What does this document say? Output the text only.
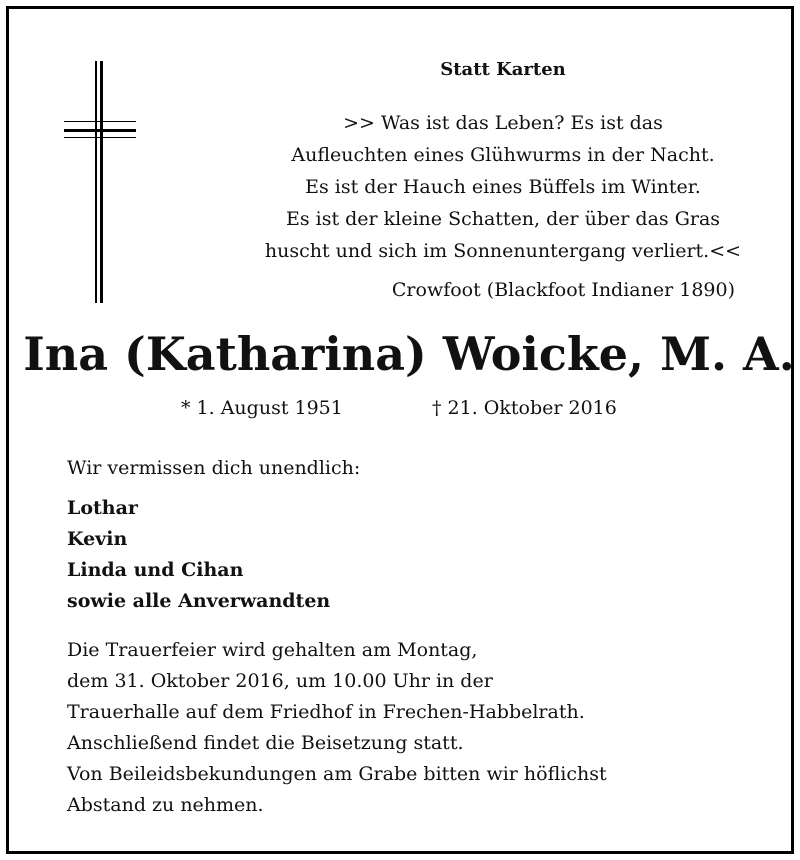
Statt Karten
>> Was ist das Leben? Es ist das
Aufleuchten eines Glühwurms in der Nacht.
Es ist der Hauch eines Büffels im Winter.
Es ist der kleine Schatten, der über das Gras
huscht und sich im Sonnenuntergang verliert.<<
Crowfoot (Blackfoot Indianer 1890)
Ina (Katharina) Woicke, M. A.
* 1. August 1951	† 21. Oktober 2016
Wir vermissen dich unendlich:
Lothar
Kevin
Linda und Cihan
sowie alle Anverwandten
Die Trauerfeier wird gehalten am Montag,
dem 31. Oktober 2016, um 10.00 Uhr in der
Trauerhalle auf dem Friedhof in Frechen-Habbelrath.
Anschließend findet die Beisetzung statt.
Von Beileidsbekundungen am Grabe bitten wir höflichst
Abstand zu nehmen.
